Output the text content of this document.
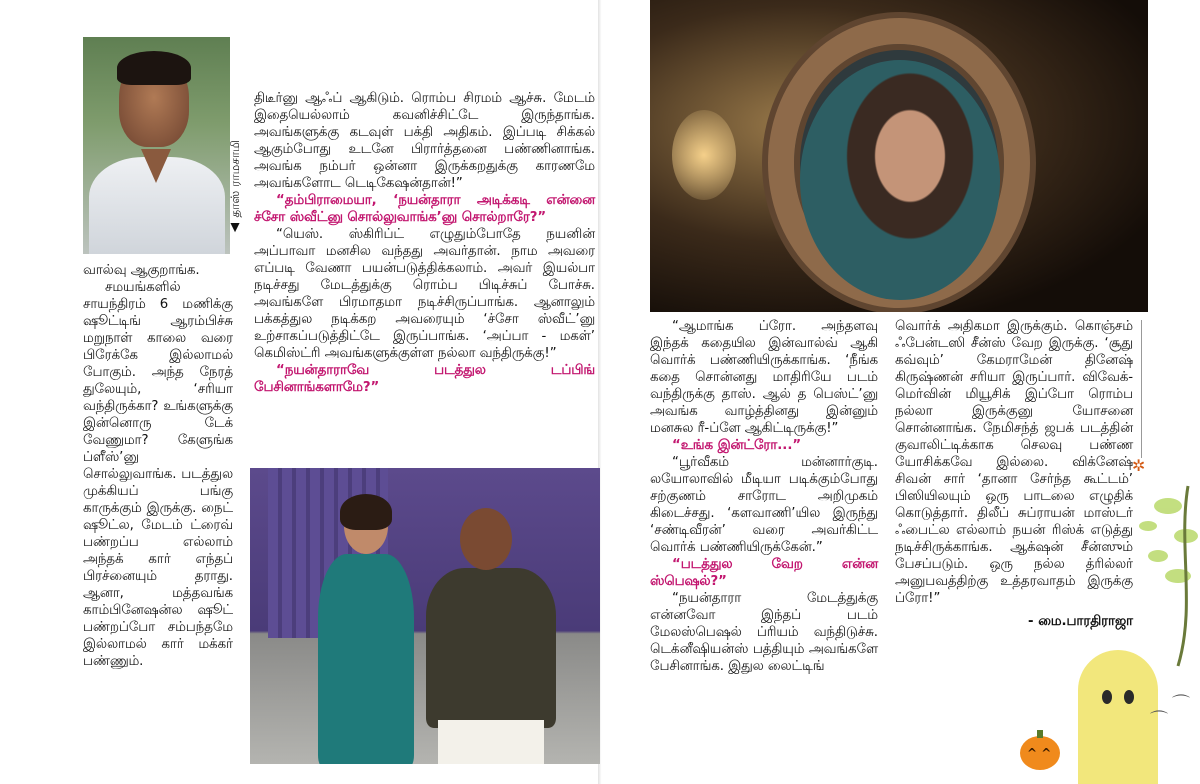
▲ தாஸ் ராமசாமி

வால்வு ஆகுறாங்க.

சமயங்களில் சாயந்திரம் 6 மணிக்கு ஷூட்டிங் ஆரம்பிச்சு மறுநாள் காலை வரை பிரேக்கே இல்லாமல் போகும். அந்த நேரத் துலேயும், ‘சரியா வந்திருக்கா? உங்களுக்கு இன்னொரு டேக் வேணுமா? கேளுங்க ப்ளீஸ்’னு சொல்லுவாங்க. படத்துல முக்கியப் பங்கு காருக்கும் இருக்கு. நைட் ஷூட்ல, மேடம் ட்ரைவ் பண்றப்ப எல்லாம் அந்தக் கார் எந்தப் பிரச்னையும் தராது. ஆனா, மத்தவங்க காம்பினேஷன்ல ஷூட் பண்றப்போ சம்பந்தமே இல்லாமல் கார் மக்கர் பண்ணும்.

திடீர்னு ஆஃப் ஆகிடும். ரொம்ப சிரமம் ஆச்சு. மேடம் இதையெல்லாம் கவனிச்சிட்டே இருந்தாங்க. அவங்களுக்கு கடவுள் பக்தி அதிகம். இப்படி சிக்கல் ஆகும்போது உடனே பிரார்த்தனை பண்ணினாங்க. அவங்க நம்பர் ஒன்னா இருக்கறதுக்கு காரணமே அவங்களோட டெடிகேஷன்தான்!”

“தம்பிராமையா, ‘நயன்தாரா அடிக்கடி என்னை ச்சோ ஸ்வீட்னு சொல்லுவாங்க’னு சொல்றாரே?”

“யெஸ். ஸ்கிரிப்ட் எழுதும்போதே நயனின் அப்பாவா மனசில வந்தது அவர்தான். நாம அவரை எப்படி வேணா பயன்படுத்திக்கலாம். அவர் இயல்பா நடிச்சது மேடத்துக்கு ரொம்ப பிடிச்சுப் போச்சு. அவங்களே பிரமாதமா நடிச்சிருப்பாங்க. ஆனாலும் பக்கத்துல நடிக்கற அவரையும் ‘ச்சோ ஸ்வீட்’னு உற்சாகப்படுத்திட்டே இருப்பாங்க. ‘அப்பா - மகள்’ கெமிஸ்ட்ரி அவங்களுக்குள்ள நல்லா வந்திருக்கு!”

“நயன்தாராவே படத்துல டப்பிங் பேசினாங்களாமே?”

“ஆமாங்க ப்ரோ. அந்தளவு இந்தக் கதையில இன்வால்வ் ஆகி வொர்க் பண்ணியிருக்காங்க. ‘நீங்க கதை சொன்னது மாதிரியே படம் வந்திருக்கு தாஸ். ஆல் த பெஸ்ட்’னு அவங்க வாழ்த்தினது இன்னும் மனசுல ரீ-ப்ளே ஆகிட்டிருக்கு!”

“உங்க இன்ட்ரோ...”

“பூர்வீகம் மன்னார்குடி. லயோலாவில் மீடியா படிக்கும்போது சற்குணம் சாரோட அறிமுகம் கிடைச்சது. ‘களவாணி’யில இருந்து ‘சண்டிவீரன்’ வரை அவர்கிட்ட வொர்க் பண்ணியிருக்கேன்.”

“படத்துல வேற என்ன ஸ்பெஷல்?”

“நயன்தாரா மேடத்துக்கு என்னவோ இந்தப் படம் மேலஸ்பெஷல் ப்ரியம் வந்திடுச்சு. டெக்னீஷியன்ஸ் பத்தியும் அவங்களே பேசினாங்க. இதுல லைட்டிங்

வொர்க் அதிகமா இருக்கும். கொஞ்சம் ஃபேன்டஸி சீன்ஸ் வேற இருக்கு. ‘சூது கவ்வும்’ கேமராமேன் தினேஷ் கிருஷ்ணன் சரியா இருப்பார். விவேக்-மெர்வின் மியூசிக் இப்போ ரொம்ப நல்லா இருக்குனு யோசனை சொன்னாங்க. நேமிசந்த் ஜபக் படத்தின் குவாலிட்டிக்காக செலவு பண்ண யோசிக்கவே இல்லை. விக்னேஷ் சிவன் சார் ‘தானா சேர்ந்த கூட்டம்’ பிஸியிலயும் ஒரு பாடலை எழுதிக் கொடுத்தார். திலீப் சுப்ராயன் மாஸ்டர் ஃபைட்ல எல்லாம் நயன் ரிஸ்க் எடுத்து நடிச்சிருக்காங்க. ஆக்‌ஷன் சீன்ஸும் பேசப்படும். ஒரு நல்ல த்ரில்லர் அனுபவத்திற்கு உத்தரவாதம் இருக்கு ப்ரோ!”

- மை.பாரதிராஜா

✲
^ ^
⌒
⌒
